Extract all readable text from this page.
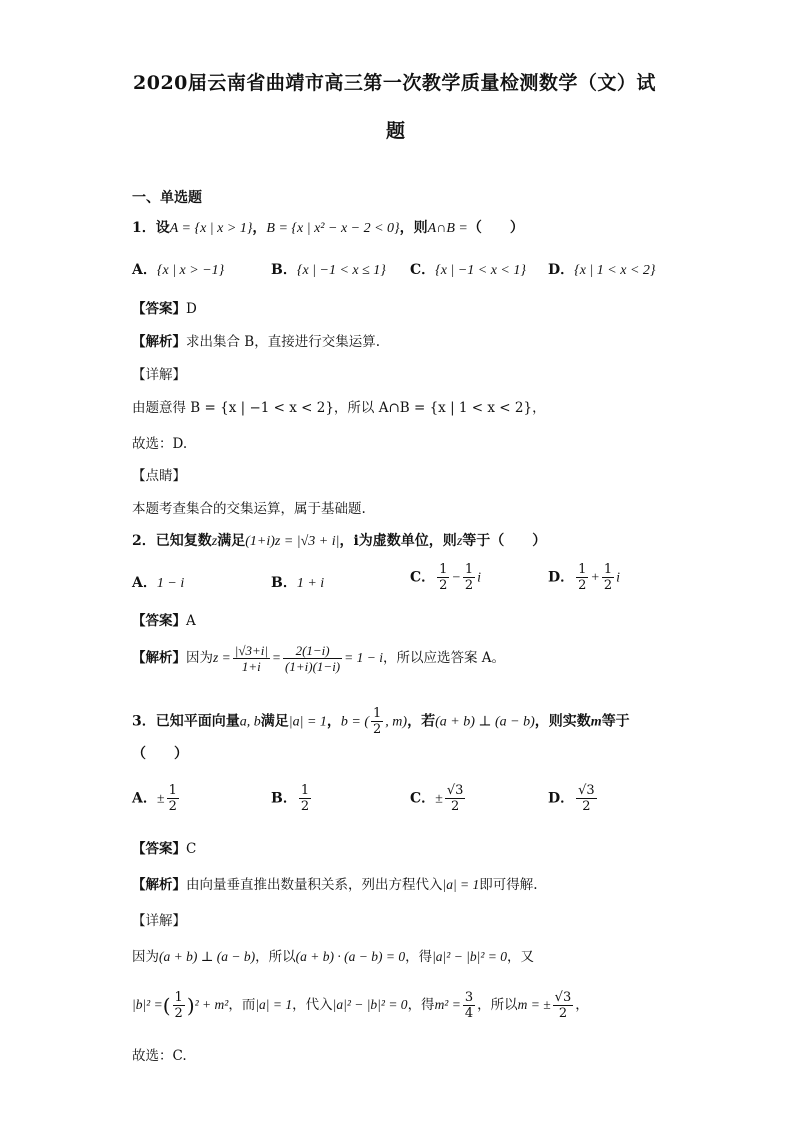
2020届云南省曲靖市高三第一次教学质量检测数学（文）试
题
一、单选题
1．设A = {x | x > 1}，B = {x | x² − x − 2 < 0}，则A∩B =（　　）
A．{x | x > −1}	B．{x | −1 < x ≤ 1} C．{x | −1 < x < 1} D．{x | 1 < x < 2}
【答案】D
【解析】求出集合 B，直接进行交集运算.
【详解】
由题意得 B = {x | −1 < x < 2}，所以 A∩B = {x | 1 < x < 2}，
故选：D.
【点睛】
本题考查集合的交集运算，属于基础题.
2．已知复数z满足(1+i)z = |√3 + i|，i为虚数单位，则z等于（　　）
A．1 − i	B．1 + i	C． $\frac{1}{2} - \frac{1}{2}$ i	D． $\frac{1}{2} + \frac{1}{2}$ i
【答案】A
【解析】因为$z = \frac{|√3+i|}{1+i} = \frac{2(1-i)}{(1+i)(1-i)} = 1 - i$，所以应选答案 A。
3．已知平面向量a, b满足|a| = 1，b = ( $\frac{1}{2}$ , m)，若(a + b) ⊥ (a − b)，则实数m等于
（　　）
A．± $\frac{1}{2}$	B． $\frac{1}{2}$	C．± $\frac{√3}{2}$	D． $\frac{√3}{2}$
【答案】C
【解析】由向量垂直推出数量积关系，列出方程代入|a| = 1即可得解.
【详解】
因为(a + b) ⊥ (a − b)，所以(a + b) · (a − b) = 0，得|a|² − |b|² = 0，又
|b|² =( $\frac{1}{2} )^2 + m^2$，而|a| = 1，代入|a|² − |b|² = 0，得$m^2 = \frac{3}{4}$ ，所以m = ± $\frac{√3}{2}$ ，
故选：C.
